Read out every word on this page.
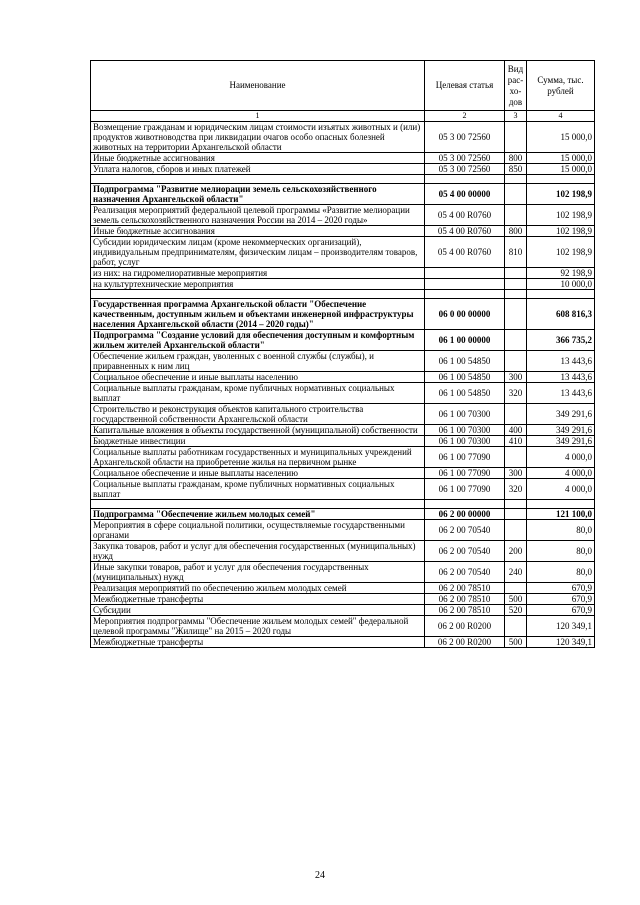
Наименование	Целевая статья	Вид рас-хо-дов	Сумма, тыс. рублей
1	2	3	4
Возмещение гражданам и юридическим лицам стоимости изъятых животных и (или) продуктов животноводства при ликвидации очагов особо опасных болезней животных на территории Архангельской области	05 3 00 72560		15 000,0
Иные бюджетные ассигнования	05 3 00 72560	800	15 000,0
Уплата налогов, сборов и иных платежей	05 3 00 72560	850	15 000,0

Подпрограмма "Развитие мелиорации земель сельскохозяйственного назначения Архангельской области"	05 4 00 00000		102 198,9
Реализация мероприятий федеральной целевой программы «Развитие мелиорации земель сельскохозяйственного назначения России на 2014 – 2020 годы»	05 4 00 R0760		102 198,9
Иные бюджетные ассигнования	05 4 00 R0760	800	102 198,9
Субсидии юридическим лицам (кроме некоммерческих организаций), индивидуальным предпринимателям, физическим лицам – производителям товаров, работ, услуг	05 4 00 R0760	810	102 198,9
из них: на гидромелиоративные мероприятия			92 198,9
на культуртехнические мероприятия			10 000,0

Государственная программа Архангельской области "Обеспечение качественным, доступным жильем и объектами инженерной инфраструктуры населения Архангельской области (2014 – 2020 годы)"	06 0 00 00000		608 816,3
Подпрограмма "Создание условий для обеспечения доступным и комфортным жильем жителей Архангельской области"	06 1 00 00000		366 735,2
Обеспечение жильем граждан, уволенных с военной службы (службы), и приравненных к ним лиц	06 1 00 54850		13 443,6
Социальное обеспечение и иные выплаты населению	06 1 00 54850	300	13 443,6
Социальные выплаты гражданам, кроме публичных нормативных социальных выплат	06 1 00 54850	320	13 443,6
Строительство и реконструкция объектов капитального строительства государственной собственности Архангельской области	06 1 00 70300		349 291,6
Капитальные вложения в объекты государственной (муниципальной) собственности	06 1 00 70300	400	349 291,6
Бюджетные инвестиции	06 1 00 70300	410	349 291,6
Социальные выплаты работникам государственных и муниципальных учреждений Архангельской области на приобретение жилья на первичном рынке	06 1 00 77090		4 000,0
Социальное обеспечение и иные выплаты населению	06 1 00 77090	300	4 000,0
Социальные выплаты гражданам, кроме публичных нормативных социальных выплат	06 1 00 77090	320	4 000,0

Подпрограмма "Обеспечение жильем молодых семей"	06 2 00 00000		121 100,0
Мероприятия в сфере социальной политики, осуществляемые государственными органами	06 2 00 70540		80,0
Закупка товаров, работ и услуг для обеспечения государственных (муниципальных) нужд	06 2 00 70540	200	80,0
Иные закупки товаров, работ и услуг для обеспечения государственных (муниципальных) нужд	06 2 00 70540	240	80,0
Реализация мероприятий по обеспечению жильем молодых семей	06 2 00 78510		670,9
Межбюджетные трансферты	06 2 00 78510	500	670,9
Субсидии	06 2 00 78510	520	670,9
Мероприятия подпрограммы "Обеспечение жильем молодых семей" федеральной целевой программы "Жилище" на 2015 – 2020 годы	06 2 00 R0200		120 349,1
Межбюджетные трансферты	06 2 00 R0200	500	120 349,1
24
